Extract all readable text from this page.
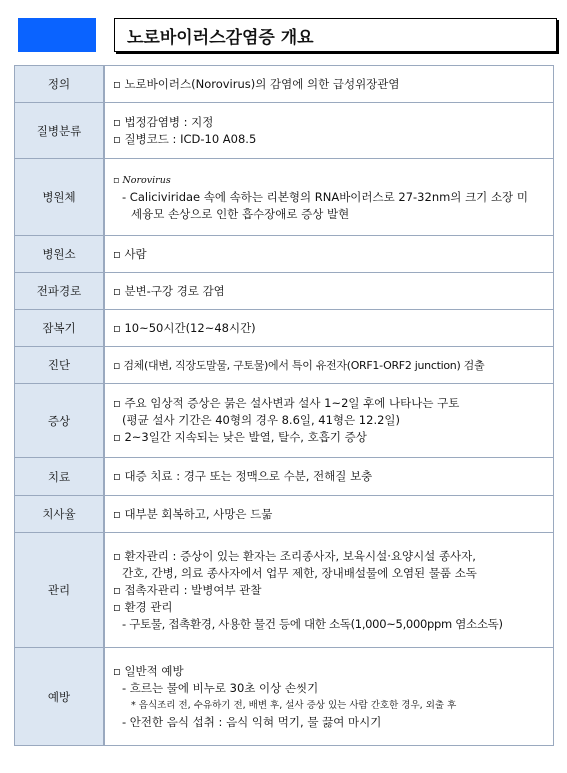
노로바이러스감염증 개요
정의	▫ 노로바이러스(Norovirus)의 감염에 의한 급성위장관염

질병분류	▫ 법정감염병 : 지정
▫ 질병코드 : ICD-10 A08.5

병원체	▫ Norovirus
- Caliciviridae 속에 속하는 리본형의 RNA바이러스로 27-32nm의 크기 소장 미
세융모 손상으로 인한 흡수장애로 증상 발현

병원소	▫ 사람

전파경로	▫ 분변-구강 경로 감염

잠복기	▫ 10~50시간(12~48시간)

진단	▫ 검체(대변, 직장도말물, 구토물)에서 특이 유전자(ORF1-ORF2 junction) 검출

증상	▫ 주요 임상적 증상은 묽은 설사변과 설사 1~2일 후에 나타나는 구토
(평균 설사 기간은 40형의 경우 8.6일, 41형은 12.2일)
▫ 2~3일간 지속되는 낮은 발열, 탈수, 호흡기 증상

치료	▫ 대증 치료 : 경구 또는 정맥으로 수분, 전해질 보충

치사율	▫ 대부분 회복하고, 사망은 드묾

관리	▫ 환자관리 : 증상이 있는 환자는 조리종사자, 보육시설·요양시설 종사자,
간호, 간병, 의료 종사자에서 업무 제한, 장내배설물에 오염된 물품 소독
▫ 접촉자관리 : 발병여부 관찰
▫ 환경 관리
- 구토물, 접촉환경, 사용한 물건 등에 대한 소독(1,000~5,000ppm 염소소독)

예방	▫ 일반적 예방
- 흐르는 물에 비누로 30초 이상 손씻기
* 음식조리 전, 수유하기 전, 배변 후, 설사 증상 있는 사람 간호한 경우, 외출 후
- 안전한 음식 섭취 : 음식 익혀 먹기, 물 끓여 마시기
